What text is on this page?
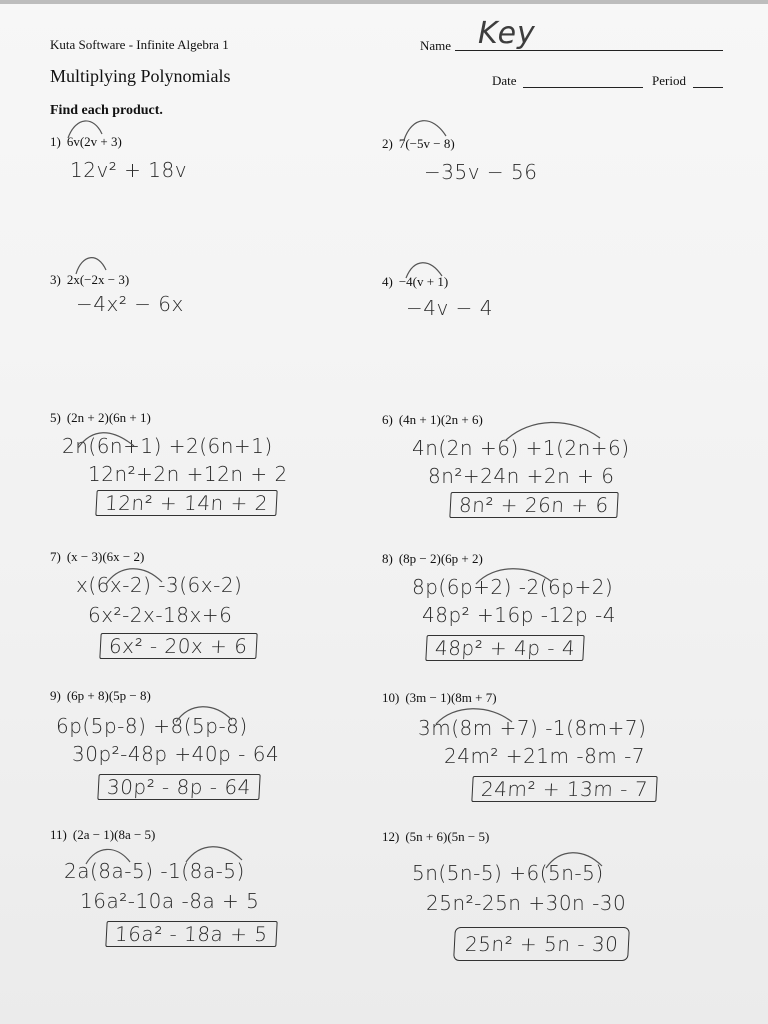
Kuta Software - Infinite Algebra 1
Multiplying Polynomials
Find each product.
Name Key
Date	Period
1) 6v(2v + 3)
12v² + 18v
2) 7(−5v − 8)
−35v − 56
3) 2x(−2x − 3)
−4x² − 6x
4) −4(v + 1)
−4v − 4
5) (2n + 2)(6n + 1)
2n(6n+1) +2(6n+1)
12n²+2n +12n + 2
12n² + 14n + 2
6) (4n + 1)(2n + 6)
4n(2n +6) +1(2n+6)
8n²+24n +2n + 6
8n² + 26n + 6
7) (x − 3)(6x − 2)
x(6x-2) -3(6x-2)
6x²-2x-18x+6
6x² - 20x + 6
8) (8p − 2)(6p + 2)
8p(6p+2) -2(6p+2)
48p² +16p -12p -4
48p² + 4p - 4
9) (6p + 8)(5p − 8)
6p(5p-8) +8(5p-8)
30p²-48p +40p - 64
30p² - 8p - 64
10) (3m − 1)(8m + 7)
3m(8m +7) -1(8m+7)
24m² +21m -8m -7
24m² + 13m - 7
11) (2a − 1)(8a − 5)
2a(8a-5) -1(8a-5)
16a²-10a -8a + 5
16a² - 18a + 5
12) (5n + 6)(5n − 5)
5n(5n-5) +6(5n-5)
25n²-25n +30n -30
25n² + 5n - 30
